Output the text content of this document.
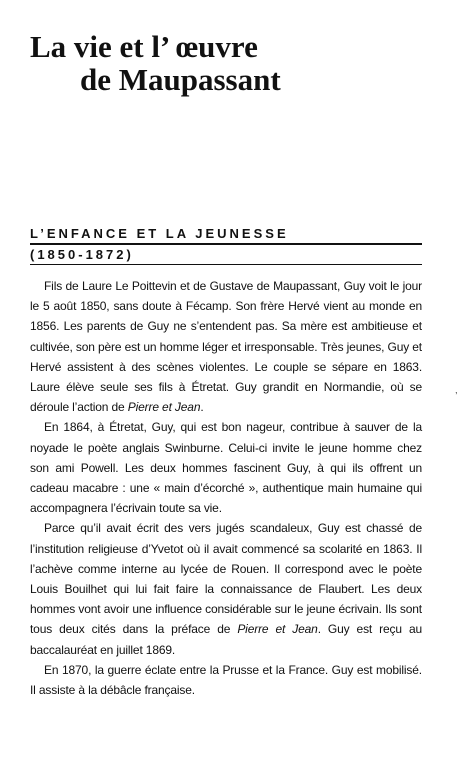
La vie et l’ œuvre
de Maupassant
L’ENFANCE ET LA JEUNESSE
(1850-1872)

Fils de Laure Le Poittevin et de Gustave de Maupassant, Guy voit le jour le 5 août 1850, sans doute à Fécamp. Son frère Hervé vient au monde en 1856. Les parents de Guy ne s’entendent pas. Sa mère est ambitieuse et cultivée, son père est un homme léger et irresponsable. Très jeunes, Guy et Hervé assistent à des scènes violentes. Le couple se sépare en 1863. Laure élève seule ses fils à Étretat. Guy grandit en Normandie, où se déroule l’action de Pierre et Jean.

En 1864, à Étretat, Guy, qui est bon nageur, contribue à sauver de la noyade le poète anglais Swinburne. Celui-ci invite le jeune homme chez son ami Powell. Les deux hommes fascinent Guy, à qui ils offrent un cadeau macabre : une « main d’écorché », authentique main humaine qui accompagnera l’écrivain toute sa vie.

Parce qu’il avait écrit des vers jugés scandaleux, Guy est chassé de l’institution religieuse d’Yvetot où il avait commencé sa scolarité en 1863. Il l’achève comme interne au lycée de Rouen. Il correspond avec le poète Louis Bouilhet qui lui fait faire la connaissance de Flaubert. Les deux hommes vont avoir une influence considérable sur le jeune écrivain. Ils sont tous deux cités dans la préface de Pierre et Jean. Guy est reçu au baccalauréat en juillet 1869.

En 1870, la guerre éclate entre la Prusse et la France. Guy est mobilisé. Il assiste à la débâcle française.

,
